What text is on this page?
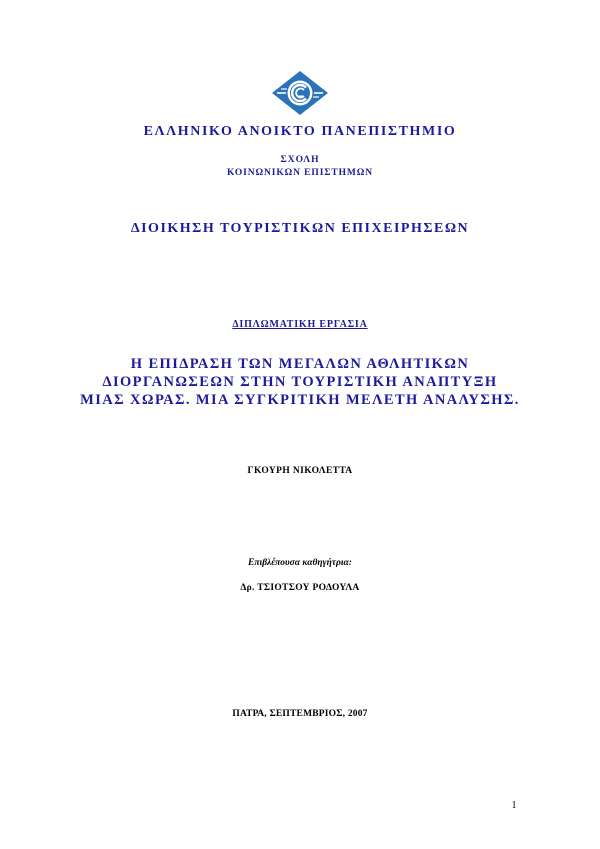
ΕΛΛΗΝΙΚΟ ΑΝΟΙΚΤΟ ΠΑΝΕΠΙΣΤΗΜΙΟ
ΣΧΟΛΗ
ΚΟΙΝΩΝΙΚΩΝ ΕΠΙΣΤΗΜΩΝ
ΔΙΟΙΚΗΣΗ ΤΟΥΡΙΣΤΙΚΩΝ ΕΠΙΧΕΙΡΗΣΕΩΝ
ΔΙΠΛΩΜΑΤΙΚΗ ΕΡΓΑΣΙΑ
Η ΕΠΙΔΡΑΣΗ ΤΩΝ ΜΕΓΑΛΩΝ ΑΘΛΗΤΙΚΩΝ
ΔΙΟΡΓΑΝΩΣΕΩΝ ΣΤΗΝ ΤΟΥΡΙΣΤΙΚΗ ΑΝΑΠΤΥΞΗ
ΜΙΑΣ ΧΩΡΑΣ. ΜΙΑ ΣΥΓΚΡΙΤΙΚΗ ΜΕΛΕΤΗ ΑΝΑΛΥΣΗΣ.
ΓΚΟΥΡΗ ΝΙΚΟΛΕΤΤΑ
Επιβλέπουσα καθηγήτρια:
Δρ. ΤΣΙΟΤΣΟΥ ΡΟΔΟΥΛΑ
ΠΑΤΡΑ, ΣΕΠΤΕΜΒΡΙΟΣ, 2007
1
